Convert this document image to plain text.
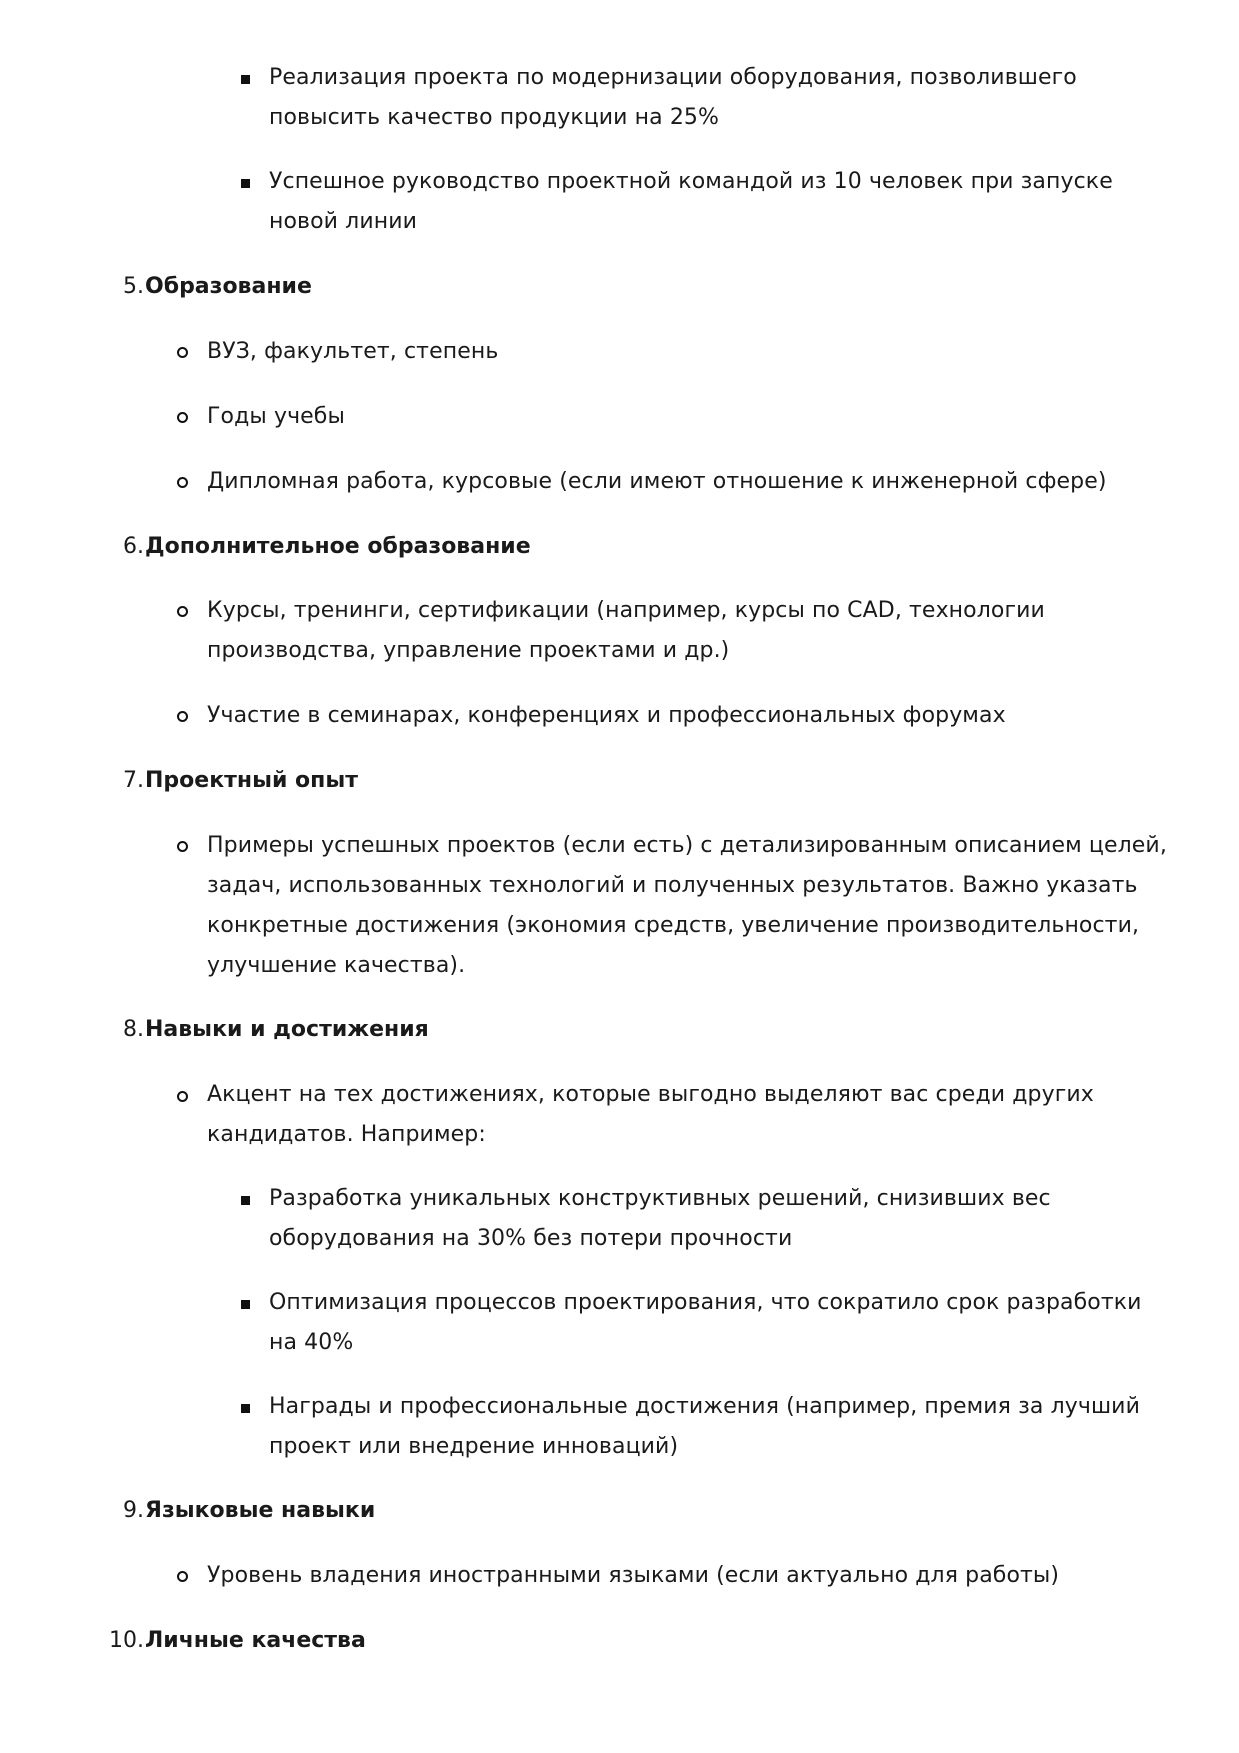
Реализация проекта по модернизации оборудования, позволившего

повысить качество продукции на 25%

Успешное руководство проектной командой из 10 человек при запуске

новой линии

5. Образование

ВУЗ, факультет, степень

Годы учебы

Дипломная работа, курсовые (если имеют отношение к инженерной сфере)

6. Дополнительное образование

Курсы, тренинги, сертификации (например, курсы по CAD, технологии

производства, управление проектами и др.)

Участие в семинарах, конференциях и профессиональных форумах

7. Проектный опыт

Примеры успешных проектов (если есть) с детализированным описанием целей,

задач, использованных технологий и полученных результатов. Важно указать

конкретные достижения (экономия средств, увеличение производительности,

улучшение качества).

8. Навыки и достижения

Акцент на тех достижениях, которые выгодно выделяют вас среди других

кандидатов. Например:

Разработка уникальных конструктивных решений, снизивших вес

оборудования на 30% без потери прочности

Оптимизация процессов проектирования, что сократило срок разработки

на 40%

Награды и профессиональные достижения (например, премия за лучший

проект или внедрение инноваций)

9. Языковые навыки

Уровень владения иностранными языками (если актуально для работы)

10. Личные качества
